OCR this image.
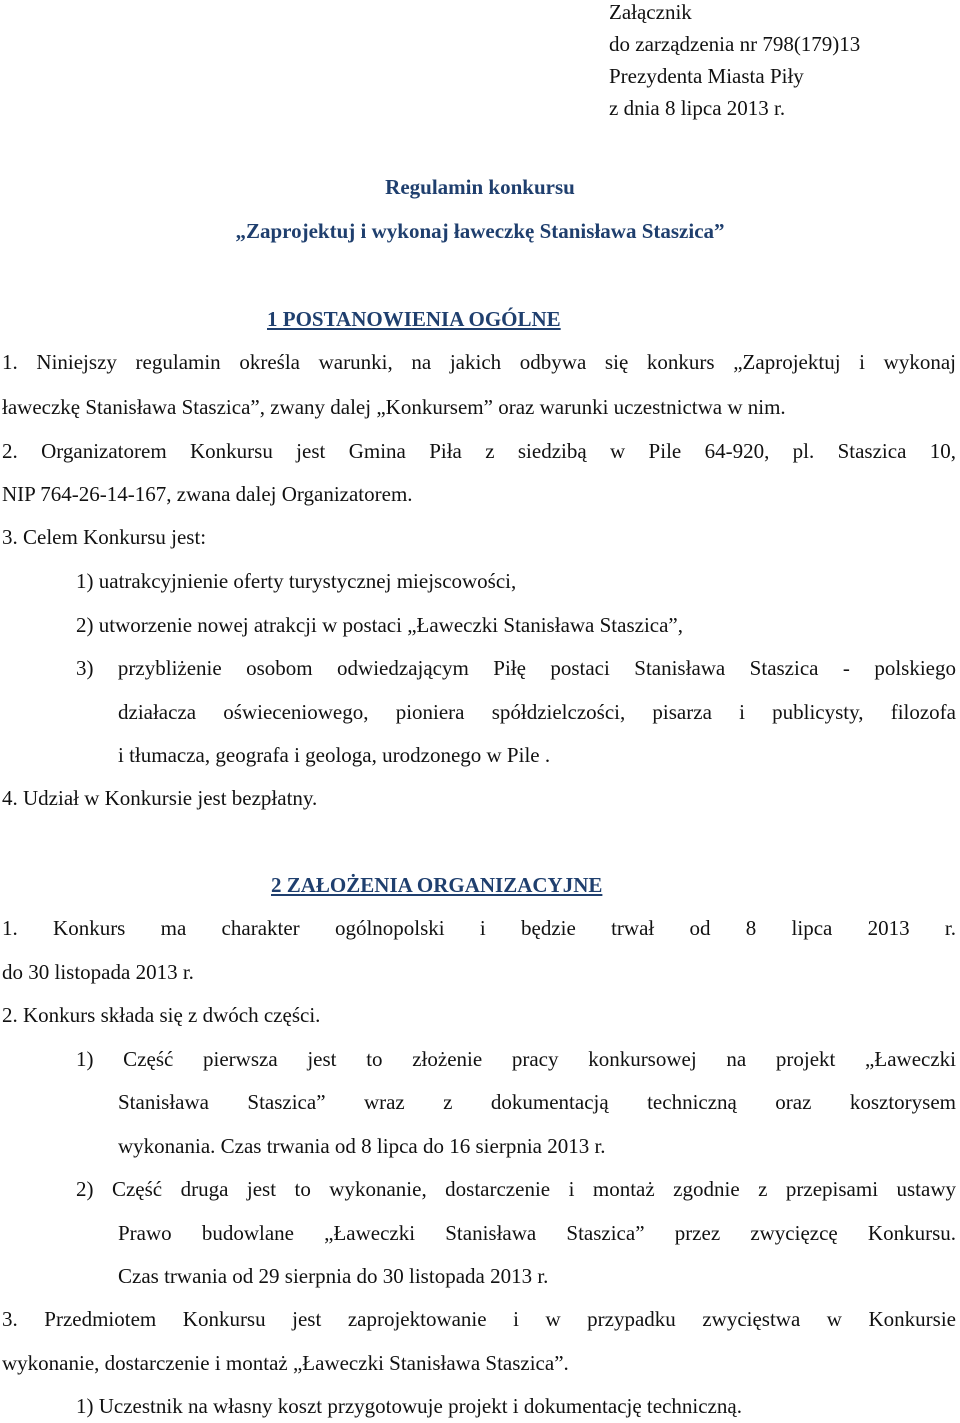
Załącznik
do zarządzenia nr 798(179)13
Prezydenta Miasta Piły
z dnia 8 lipca 2013 r.
Regulamin konkursu
„Zaprojektuj i wykonaj ławeczkę Stanisława Staszica”
1 POSTANOWIENIA OGÓLNE
1. Niniejszy regulamin określa warunki, na jakich odbywa się konkurs „Zaprojektuj i wykonaj
ławeczkę Stanisława Staszica”, zwany dalej „Konkursem” oraz warunki uczestnictwa w nim.
2. Organizatorem Konkursu jest Gmina Piła z siedzibą w Pile 64-920, pl. Staszica 10,
NIP 764-26-14-167, zwana dalej Organizatorem.
3. Celem Konkursu jest:
1) uatrakcyjnienie oferty turystycznej miejscowości,
2) utworzenie nowej atrakcji w postaci „Ławeczki Stanisława Staszica”,
3) przybliżenie osobom odwiedzającym Piłę postaci Stanisława Staszica - polskiego
działacza oświeceniowego, pioniera spółdzielczości, pisarza i publicysty, filozofa
i tłumacza, geografa i geologa, urodzonego w Pile .
4. Udział w Konkursie jest bezpłatny.
2 ZAŁOŻENIA ORGANIZACYJNE
1. Konkurs ma charakter ogólnopolski i będzie trwał od 8 lipca 2013 r.
do 30 listopada 2013 r.
2. Konkurs składa się z dwóch części.
1) Część pierwsza jest to złożenie pracy konkursowej na projekt „Ławeczki
Stanisława Staszica” wraz z dokumentacją techniczną oraz kosztorysem
wykonania. Czas trwania od 8 lipca do 16 sierpnia 2013 r.
2) Część druga jest to wykonanie, dostarczenie i montaż zgodnie z przepisami ustawy
Prawo budowlane „Ławeczki Stanisława Staszica” przez zwycięzcę Konkursu.
Czas trwania od 29 sierpnia do 30 listopada 2013 r.
3. Przedmiotem Konkursu jest zaprojektowanie i w przypadku zwycięstwa w Konkursie
wykonanie, dostarczenie i montaż „Ławeczki Stanisława Staszica”.
1) Uczestnik na własny koszt przygotowuje projekt i dokumentację techniczną.
